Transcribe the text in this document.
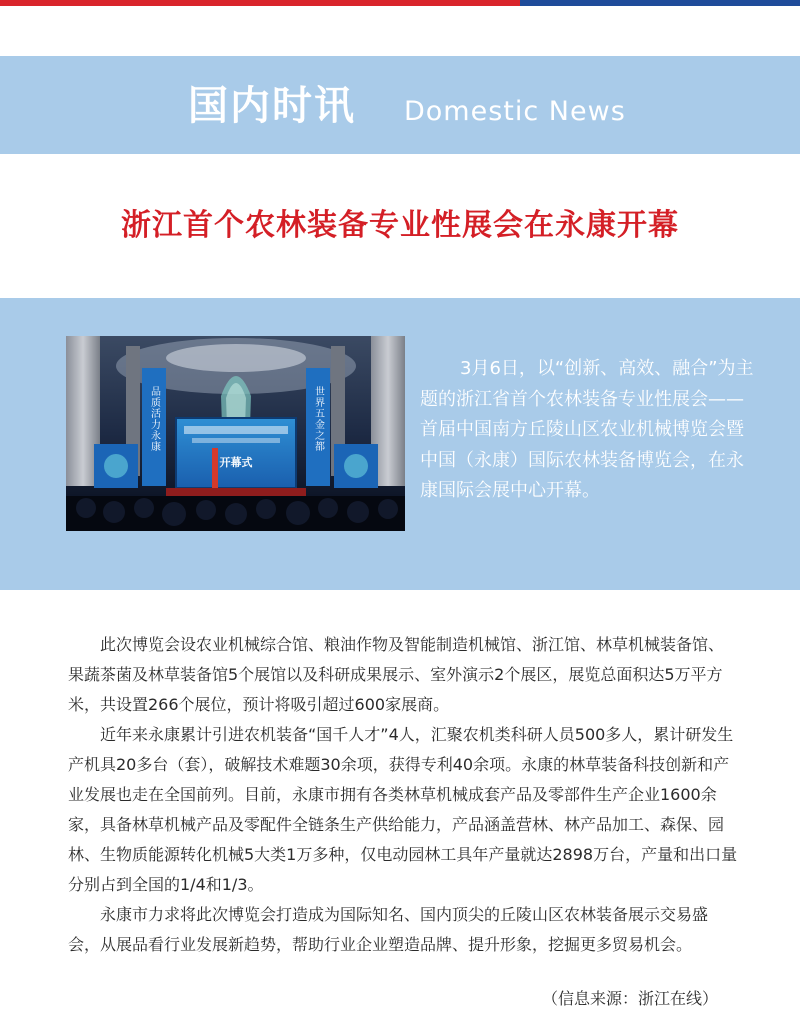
国内时讯 Domestic News
浙江首个农林装备专业性展会在永康开幕
品质活力永康	世界五金之都
开幕式
3月6日，以“创新、高效、融合”为主题的浙江省首个农林装备专业性展会——首届中国南方丘陵山区农业机械博览会暨中国（永康）国际农林装备博览会，在永康国际会展中心开幕。

此次博览会设农业机械综合馆、粮油作物及智能制造机械馆、浙江馆、林草机械装备馆、果蔬茶菌及林草装备馆5个展馆以及科研成果展示、室外演示2个展区，展览总面积达5万平方米，共设置266个展位，预计将吸引超过600家展商。

近年来永康累计引进农机装备“国千人才”4人，汇聚农机类科研人员500多人，累计研发生产机具20多台（套），破解技术难题30余项，获得专利40余项。永康的林草装备科技创新和产业发展也走在全国前列。目前，永康市拥有各类林草机械成套产品及零部件生产企业1600余家，具备林草机械产品及零配件全链条生产供给能力，产品涵盖营林、林产品加工、森保、园林、生物质能源转化机械5大类1万多种，仅电动园林工具年产量就达2898万台，产量和出口量分别占到全国的1/4和1/3。

永康市力求将此次博览会打造成为国际知名、国内顶尖的丘陵山区农林装备展示交易盛会，从展品看行业发展新趋势，帮助行业企业塑造品牌、提升形象，挖掘更多贸易机会。

（信息来源：浙江在线）
